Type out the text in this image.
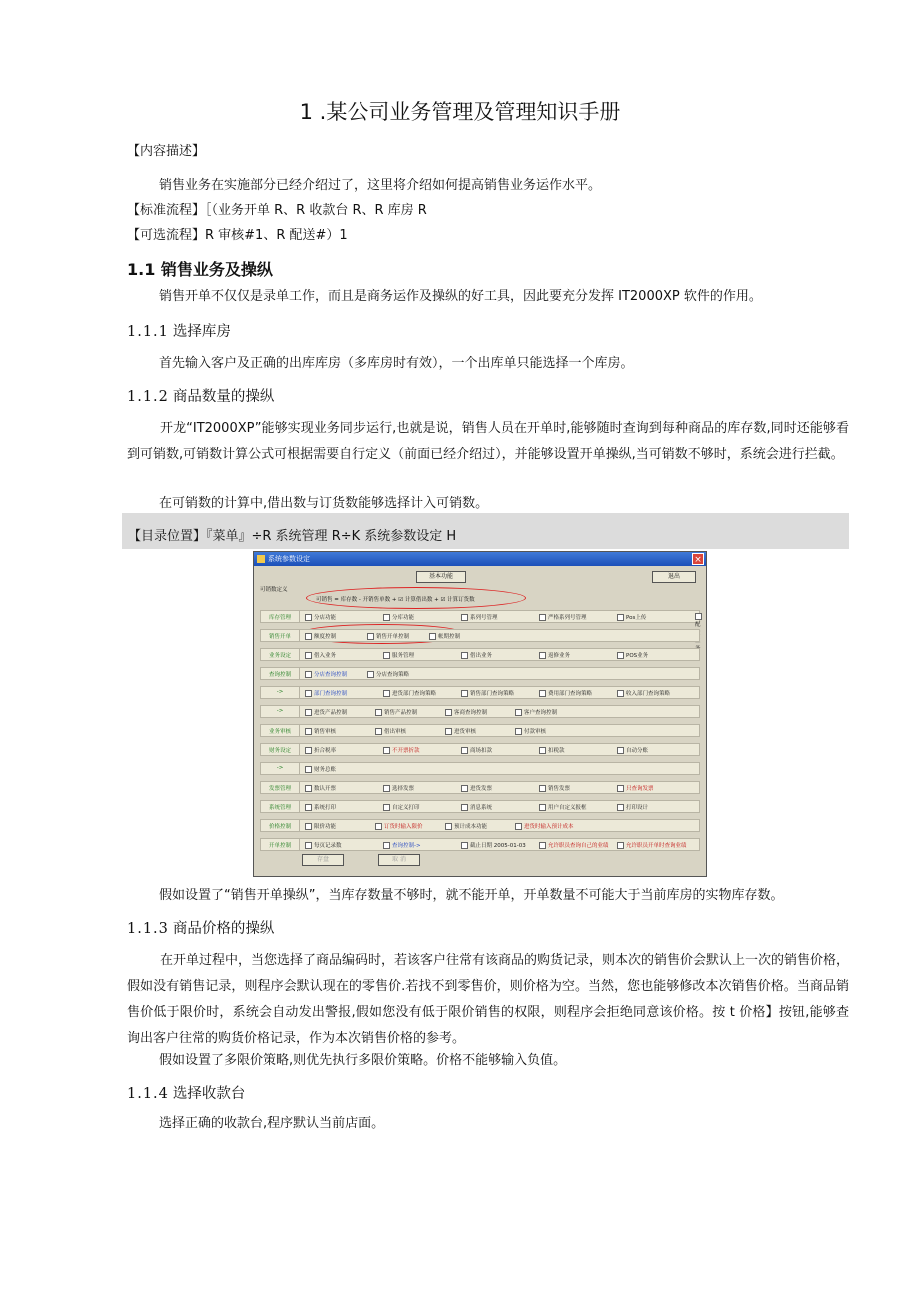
1 .某公司业务管理及管理知识手册
【内容描述】
销售业务在实施部分已经介绍过了，这里将介绍如何提高销售业务运作水平。
【标准流程】［（业务开单 R、R 收款台 R、R 库房 R
【可选流程】R 审核#1、R 配送#）1
1.1 销售业务及操纵
销售开单不仅仅是录单工作，而且是商务运作及操纵的好工具，因此要充分发挥 IT2000XP 软件的作用。
1.1.1 选择库房
首先输入客户及正确的出库库房（多库房时有效），一个出库单只能选择一个库房。
1.1.2 商品数量的操纵
开龙“IT2000XP”能够实现业务同步运行,也就是说，销售人员在开单时,能够随时查询到每种商品的库存数,同时还能够看到可销数,可销数计算公式可根据需要自行定义（前面已经介绍过），并能够设置开单操纵,当可销数不够时，系统会进行拦截。
在可销数的计算中,借出数与订货数能够选择计入可销数。
【目录位置】『菜单』÷R 系统管理 R÷K 系统参数设定 H
系统参数设定	×
基本功能	退出
可销数定义
可销售 = 库存数 - 开销售单数 + ☑ 计算借出数 + ☑ 计算订货数
库存管理	分店功能	分库功能	系列号管理	严格系列号管理	Pos上传
配
销售开单	额度控制	销售开单控制	帐期控制
业务设定	借入业务	服务管理	借出业务	返修业务	POS业务
查询控制	分店查询控制	分店查询策略
->	部门查询控制	进货部门查询策略	销售部门查询策略	费用部门查询策略	收入部门查询策略
->	进货产品控制	销售产品控制	客商查询控制	客户查询控制
业务审核	销售审核	借出审核	进货审核	付款审核
财务设定	折合税率	不开票折款	商场扣款	扣税款	自动分账
->	财务总账
发票管理	数认开票	选择发票	进货发票	销售发票	只查询发票
系统管理	系统打印	自定义打印	消息系统	用户自定义报框	打印设计
价格控制	限价功能	订货时输入限价	预计成本功能	进货时输入预计成本
开单控制	每页记录数	查询控制->	截止日期 2005-01-03	允许职员查询自己的业绩	允许职员开单时查询业绩
存盘	取 消
假如设置了“销售开单操纵”，当库存数量不够时，就不能开单，开单数量不可能大于当前库房的实物库存数。
1.1.3 商品价格的操纵
在开单过程中，当您选择了商品编码时，若该客户往常有该商品的购货记录，则本次的销售价会默认上一次的销售价格，假如没有销售记录，则程序会默认现在的零售价.若找不到零售价，则价格为空。当然，您也能够修改本次销售价格。当商品销售价低于限价时，系统会自动发出警报,假如您没有低于限价销售的权限，则程序会拒绝同意该价格。按 t 价格】按钮,能够查询出客户往常的购货价格记录，作为本次销售价格的参考。
假如设置了多限价策略,则优先执行多限价策略。价格不能够输入负值。
1.1.4 选择收款台
选择正确的收款台,程序默认当前店面。
